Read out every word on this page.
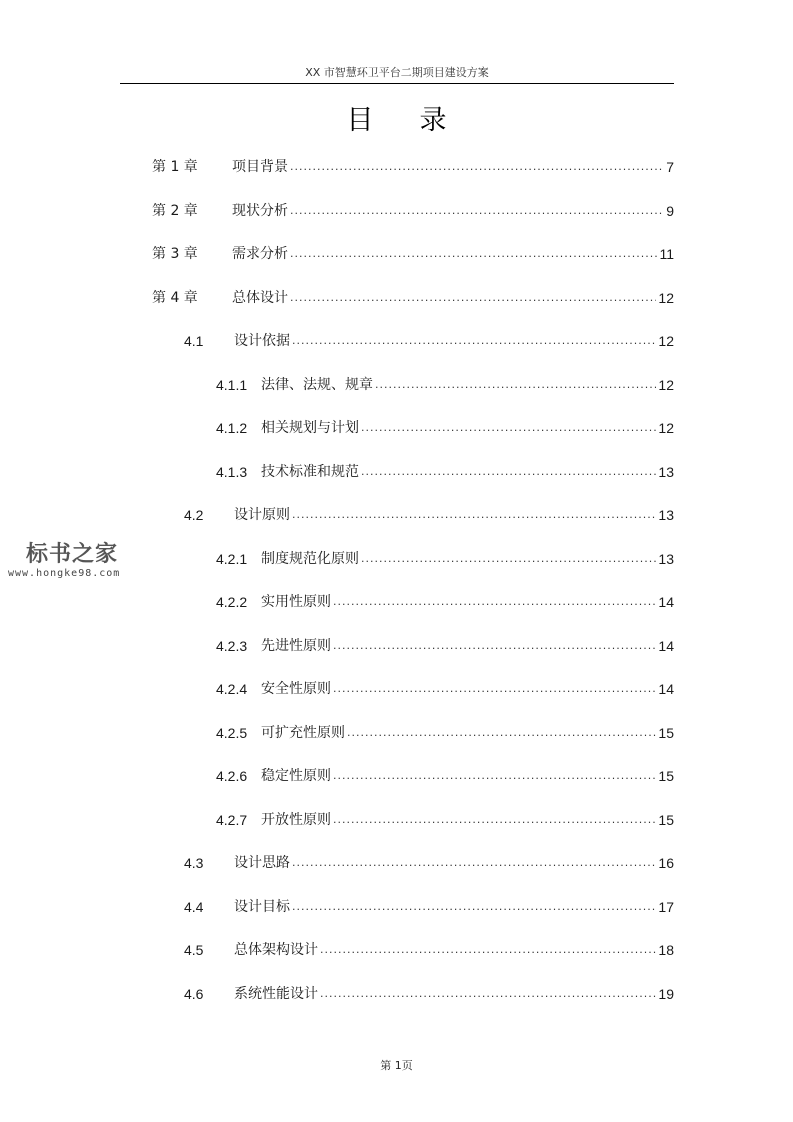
XX 市智慧环卫平台二期项目建设方案
目 录
第 1 章	项目背景 .....	7
第 2 章	现状分析 .....	9
第 3 章	需求分析 .....	11
第 4 章	总体设计 .....	12
4.1	设计依据 .....	12
4.1.1 法律、法规、规章 .....	12
4.1.2 相关规划与计划 .....	12
4.1.3 技术标准和规范 .....	13
4.2	设计原则 .....	13
4.2.1 制度规范化原则 .....	13
4.2.2 实用性原则 .....	14
4.2.3 先进性原则 .....	14
4.2.4 安全性原则 .....	14
4.2.5 可扩充性原则 .....	15
4.2.6 稳定性原则 .....	15
4.2.7 开放性原则 .....	15
4.3	设计思路 .....	16
4.4	设计目标 .....	17
4.5	总体架构设计 .....	18
4.6	系统性能设计 .....	19
标书之家
www.hongke98.com
第 1页
